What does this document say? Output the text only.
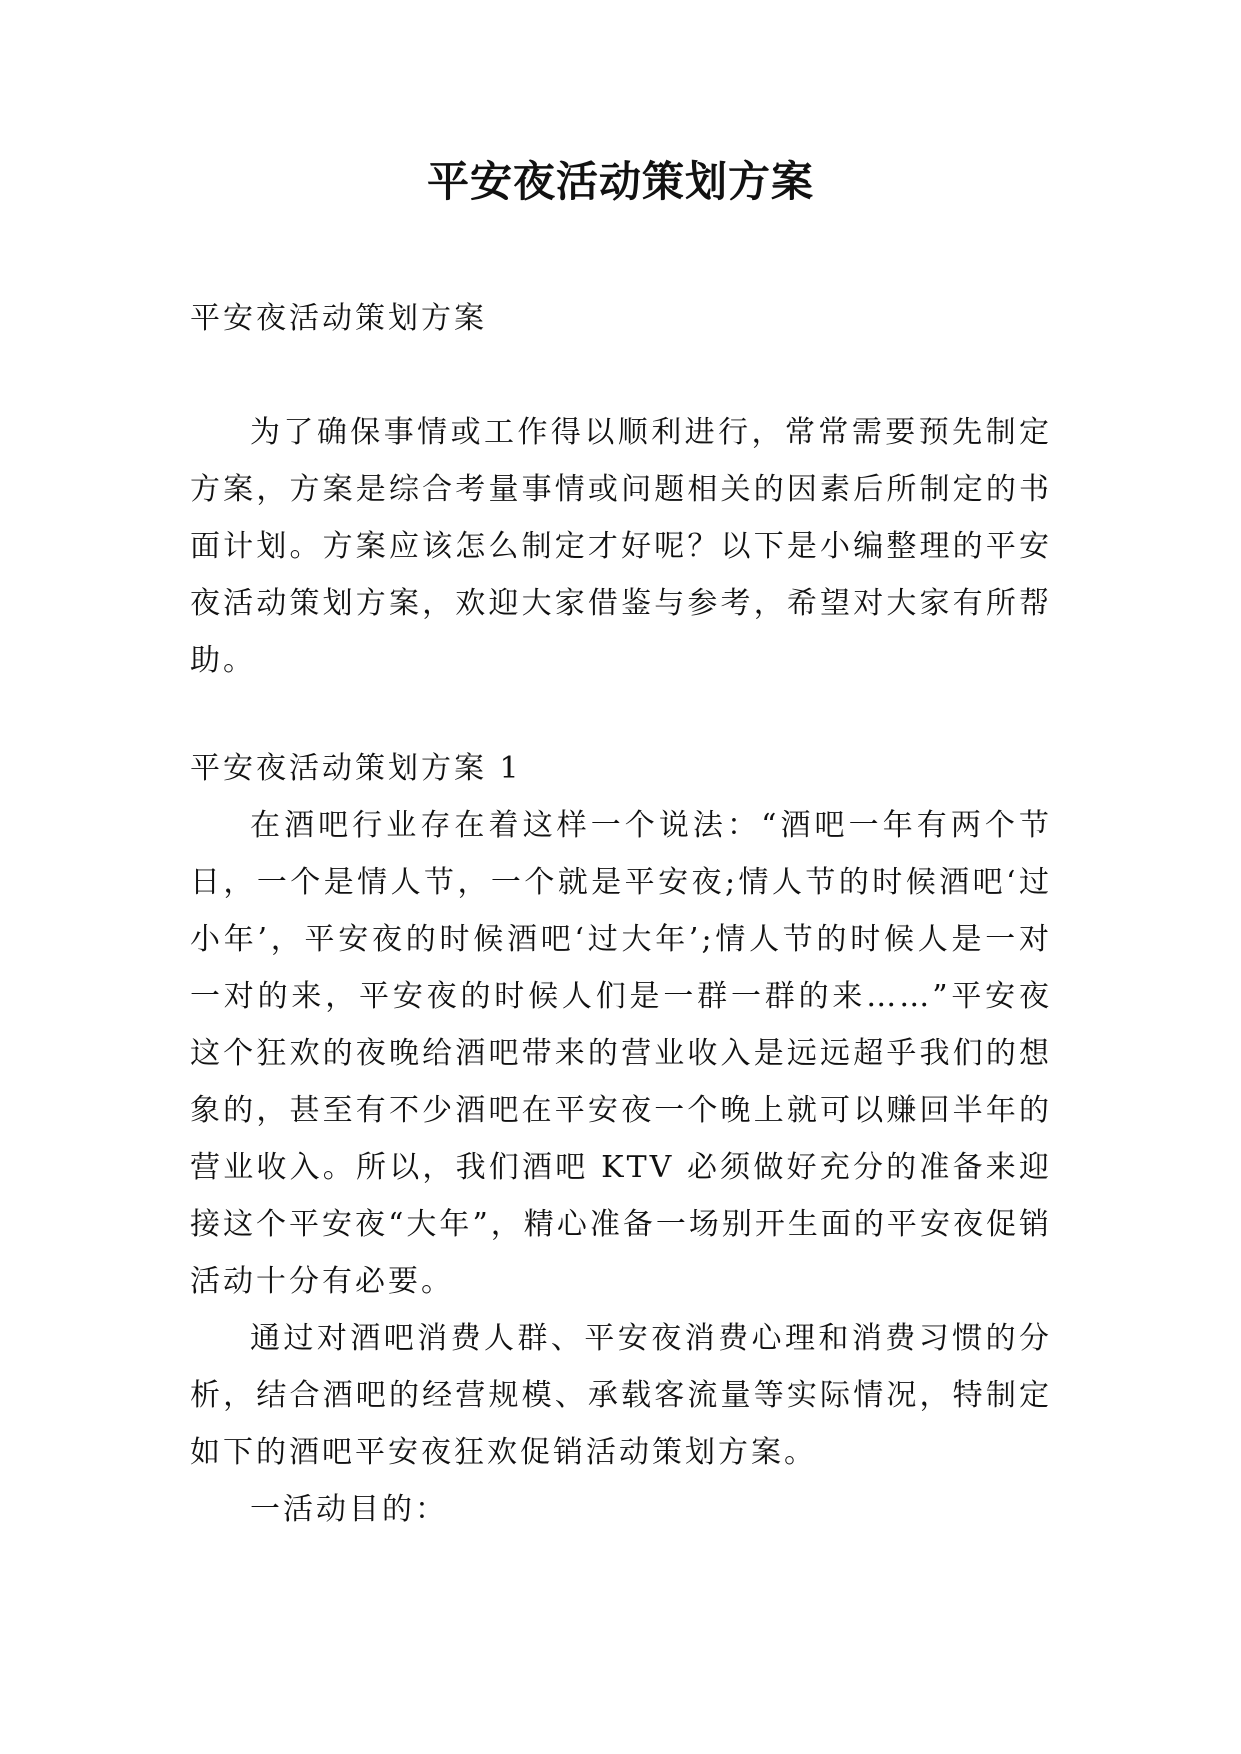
平安夜活动策划方案

平安夜活动策划方案

为了确保事情或工作得以顺利进行，常常需要预先制定方案，方案是综合考量事情或问题相关的因素后所制定的书面计划。方案应该怎么制定才好呢？以下是小编整理的平安夜活动策划方案，欢迎大家借鉴与参考，希望对大家有所帮助。

平安夜活动策划方案 1

在酒吧行业存在着这样一个说法：“酒吧一年有两个节日，一个是情人节，一个就是平安夜;情人节的时候酒吧‘过小年’，平安夜的时候酒吧‘过大年’;情人节的时候人是一对一对的来，平安夜的时候人们是一群一群的来……”平安夜这个狂欢的夜晚给酒吧带来的营业收入是远远超乎我们的想象的，甚至有不少酒吧在平安夜一个晚上就可以赚回半年的营业收入。所以，我们酒吧 KTV 必须做好充分的准备来迎接这个平安夜“大年”，精心准备一场别开生面的平安夜促销活动十分有必要。

通过对酒吧消费人群、平安夜消费心理和消费习惯的分析，结合酒吧的经营规模、承载客流量等实际情况，特制定如下的酒吧平安夜狂欢促销活动策划方案。

一活动目的：
